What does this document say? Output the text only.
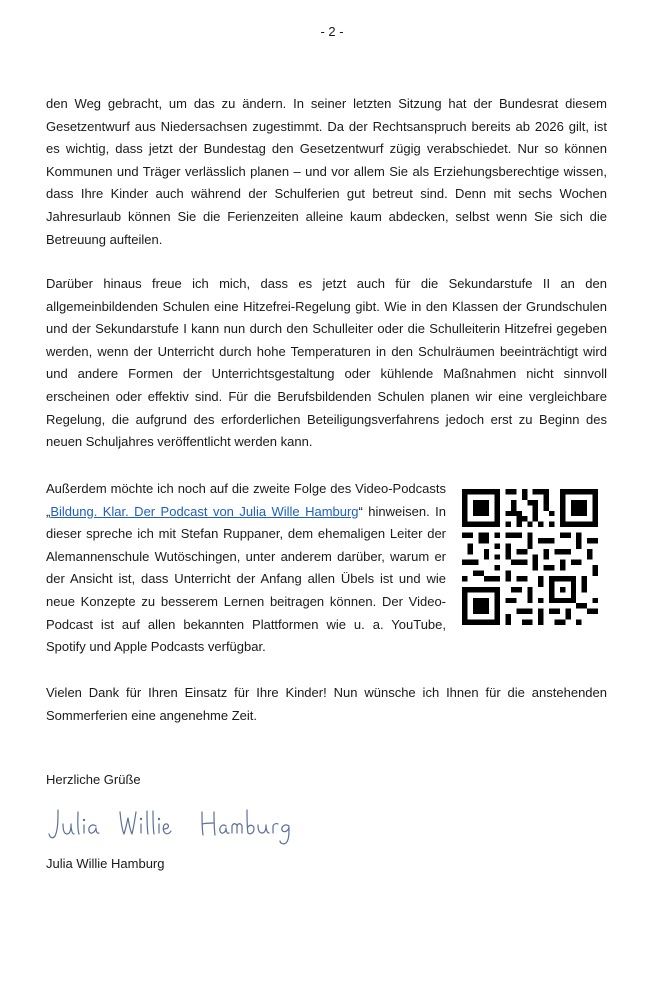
- 2 -

den Weg gebracht, um das zu ändern. In seiner letzten Sitzung hat der Bundesrat diesem Gesetzentwurf aus Niedersachsen zugestimmt. Da der Rechtsanspruch bereits ab 2026 gilt, ist es wichtig, dass jetzt der Bundestag den Gesetzentwurf zügig verabschiedet. Nur so können Kommunen und Träger verlässlich planen – und vor allem Sie als Erziehungsberechtige wissen, dass Ihre Kinder auch während der Schulferien gut betreut sind. Denn mit sechs Wochen Jahresurlaub können Sie die Ferienzeiten alleine kaum abdecken, selbst wenn Sie sich die Betreuung aufteilen.

Darüber hinaus freue ich mich, dass es jetzt auch für die Sekundarstufe II an den allgemeinbildenden Schulen eine Hitzefrei-Regelung gibt. Wie in den Klassen der Grundschulen und der Sekundarstufe I kann nun durch den Schulleiter oder die Schulleiterin Hitzefrei gegeben werden, wenn der Unterricht durch hohe Temperaturen in den Schulräumen beeinträchtigt wird und andere Formen der Unterrichtsgestaltung oder kühlende Maßnahmen nicht sinnvoll erscheinen oder effektiv sind. Für die Berufsbildenden Schulen planen wir eine vergleichbare Regelung, die aufgrund des erforderlichen Beteiligungsverfahrens jedoch erst zu Beginn des neuen Schuljahres veröffentlicht werden kann.

Außerdem möchte ich noch auf die zweite Folge des Video-Podcasts „Bildung. Klar. Der Podcast von Julia Wille Hamburg“ hinweisen. In dieser spreche ich mit Stefan Ruppaner, dem ehemaligen Leiter der Alemannenschule Wutöschingen, unter anderem darüber, warum er der Ansicht ist, dass Unterricht der Anfang allen Übels ist und wie neue Konzepte zu besserem Lernen beitragen können. Der Video-Podcast ist auf allen bekannten Plattformen wie u. a. YouTube, Spotify und Apple Podcasts verfügbar.

Vielen Dank für Ihren Einsatz für Ihre Kinder! Nun wünsche ich Ihnen für die anstehenden Sommerferien eine angenehme Zeit.

Herzliche Grüße
Julia Willie Hamburg
